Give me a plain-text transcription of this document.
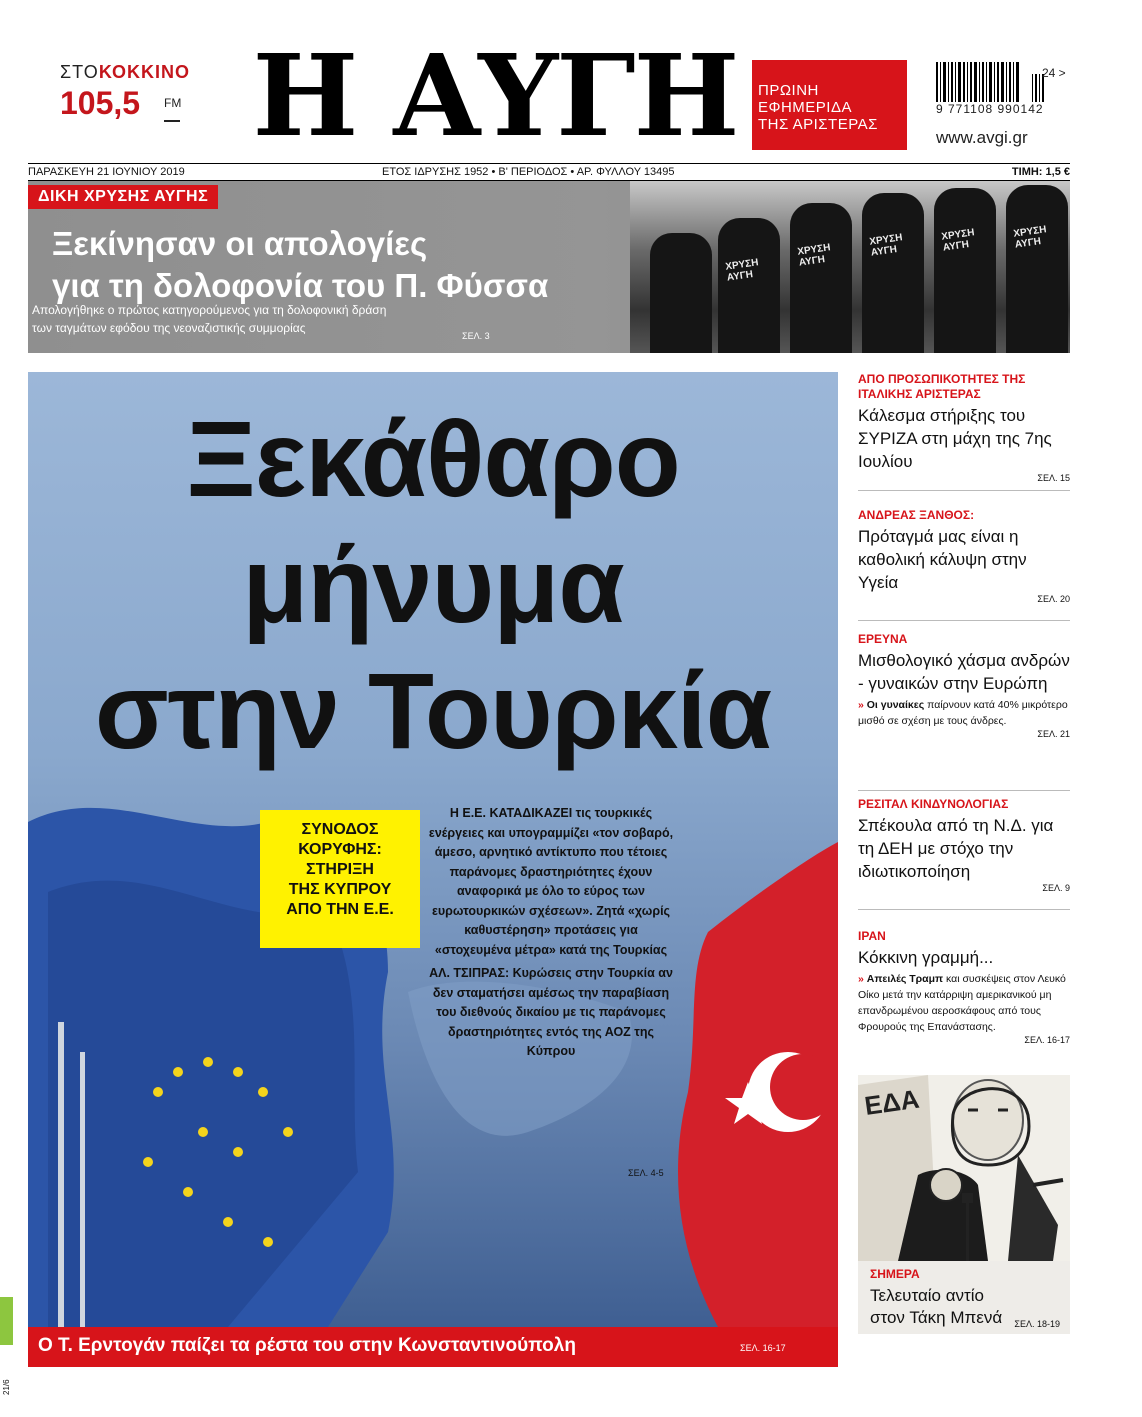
ΣΤΟΚΟΚΚΙΝΟ
105,5	FM Η ΑΥΓΗ ΠΡΩΙΝΗ
ΕΦΗΜΕΡΙΔΑ
ΤΗΣ ΑΡΙΣΤΕΡΑΣ
9 771108 990142
24 >
www.avgi.gr
ΠΑΡΑΣΚΕΥΗ 21 ΙΟΥΝΙΟΥ 2019	ΕΤΟΣ ΙΔΡΥΣΗΣ 1952 • Β' ΠΕΡΙΟΔΟΣ • ΑΡ. ΦΥΛΛΟΥ 13495	ΤΙΜΗ: 1,5 €
ΧΡΥΣΗ ΑΥΓΗ
ΧΡΥΣΗ ΑΥΓΗ
ΧΡΥΣΗ ΑΥΓΗ
ΧΡΥΣΗ ΑΥΓΗ
ΧΡΥΣΗ ΑΥΓΗ
ΔΙΚΗ ΧΡΥΣΗΣ ΑΥΓΗΣ
Ξεκίνησαν οι απολογίες
για τη δολοφονία του Π. Φύσσα
Απολογήθηκε ο πρώτος κατηγορούμενος για τη δολοφονική δράση
των ταγμάτων εφόδου της νεοναζιστικής συμμορίας
ΣΕΛ. 3
Ξεκάθαρο
μήνυμα
στην Τουρκία
ΣΥΝΟΔΟΣ
ΚΟΡΥΦΗΣ:
ΣΤΗΡΙΞΗ
ΤΗΣ ΚΥΠΡΟΥ
ΑΠΟ ΤΗΝ Ε.Ε.

Η Ε.Ε. ΚΑΤΑΔΙΚΑΖΕΙ τις τουρκικές ενέργειες και υπογραμμίζει «τον σοβαρό, άμεσο, αρνητικό αντίκτυπο που τέτοιες παράνομες δραστηριότητες έχουν αναφορικά με όλο το εύρος των ευρωτουρκικών σχέσεων». Ζητά «χωρίς καθυστέρηση» προτάσεις για «στοχευμένα μέτρα» κατά της Τουρκίας

ΑΛ. ΤΣΙΠΡΑΣ: Κυρώσεις στην Τουρκία αν δεν σταματήσει αμέσως την παραβίαση του διεθνούς δικαίου με τις παράνομες δραστηριότητες εντός της ΑΟΖ της Κύπρου

ΣΕΛ. 4-5
Ο Τ. Ερντογάν παίζει τα ρέστα του στην Κωνσταντινούπολη	ΣΕΛ. 16-17
ΑΠΟ ΠΡΟΣΩΠΙΚΟΤΗΤΕΣ ΤΗΣ ΙΤΑΛΙΚΗΣ ΑΡΙΣΤΕΡΑΣ
Κάλεσμα στήριξης του ΣΥΡΙΖΑ στη μάχη της 7ης Ιουλίου
ΣΕΛ. 15
ΑΝΔΡΕΑΣ ΞΑΝΘΟΣ:
Πρόταγμά μας είναι η καθολική κάλυψη στην Υγεία
ΣΕΛ. 20
ΕΡΕΥΝΑ
Μισθολογικό χάσμα ανδρών - γυναικών στην Ευρώπη
» Οι γυναίκες παίρνουν κατά 40% μικρότερο μισθό σε σχέση με τους άνδρες.
ΣΕΛ. 21
ΡΕΣΙΤΑΛ ΚΙΝΔΥΝΟΛΟΓΙΑΣ
Σπέκουλα από τη Ν.Δ. για τη ΔΕΗ με στόχο την ιδιωτικοποίηση
ΣΕΛ. 9
ΙΡΑΝ
Κόκκινη γραμμή...
» Απειλές Τραμπ και συσκέψεις στον Λευκό Οίκο μετά την κατάρριψη αμερικανικού μη επανδρωμένου αεροσκάφους από τους Φρουρούς της Επανάστασης.
ΣΕΛ. 16-17
ΕΔΑ
ΣΗΜΕΡΑ
Τελευταίο αντίο
στον Τάκη Μπενά ΣΕΛ. 18-19
21/6
